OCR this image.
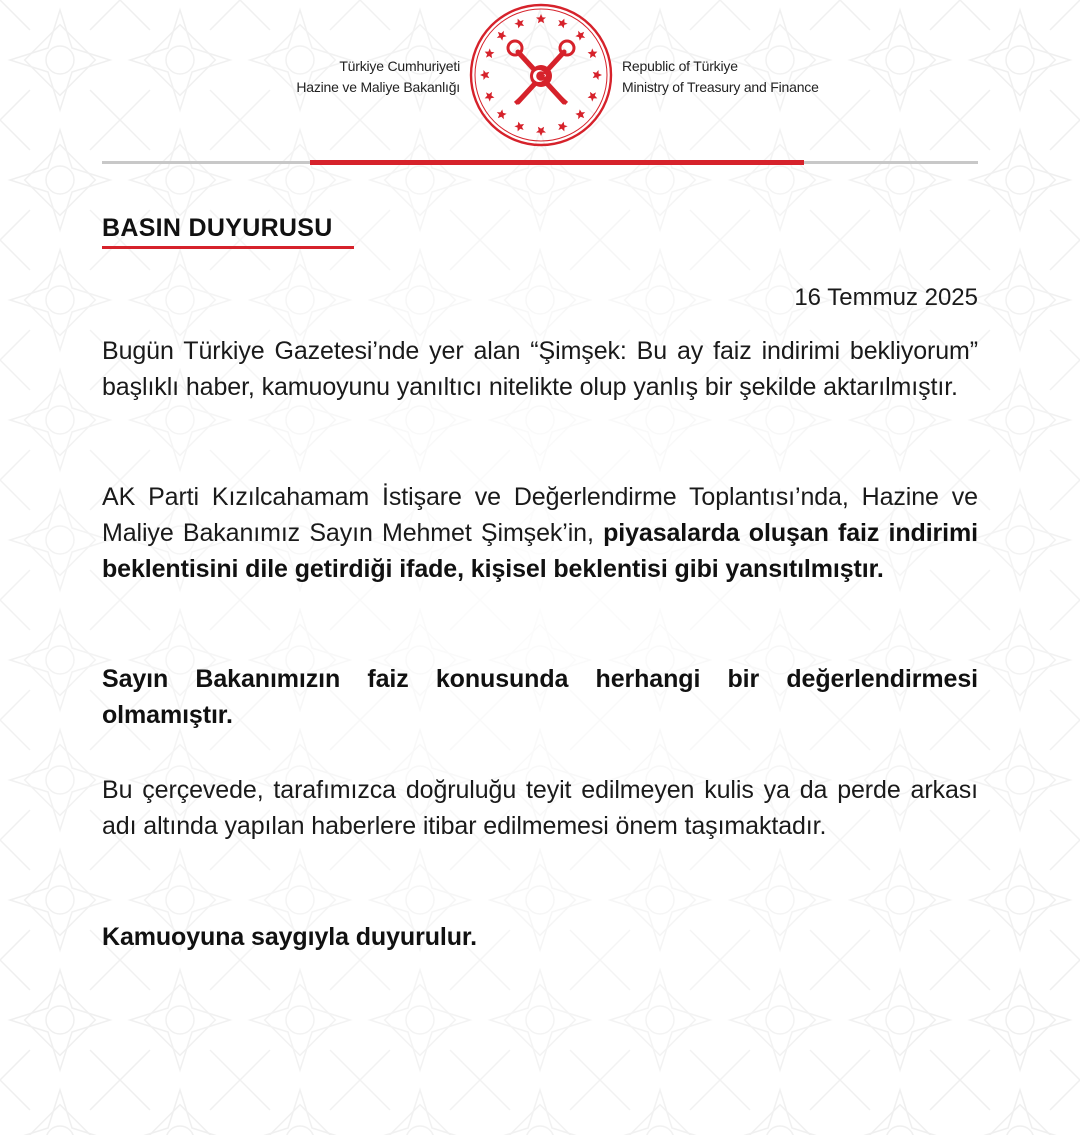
Türkiye Cumhuriyeti
Hazine ve Maliye Bakanlığı
Republic of Türkiye
Ministry of Treasury and Finance
BASIN DUYURUSU
16 Temmuz 2025

Bugün Türkiye Gazetesi’nde yer alan “Şimşek: Bu ay faiz indirimi bekliyorum” başlıklı haber, kamuoyunu yanıltıcı nitelikte olup yanlış bir şekilde aktarılmıştır.

AK Parti Kızılcahamam İstişare ve Değerlendirme Toplantısı’nda, Hazine ve Maliye Bakanımız Sayın Mehmet Şimşek’in, piyasalarda oluşan faiz indirimi beklentisini dile getirdiği ifade, kişisel beklentisi gibi yansıtılmıştır.

Sayın Bakanımızın faiz konusunda herhangi bir değerlendirmesi olmamıştır.

Bu çerçevede, tarafımızca doğruluğu teyit edilmeyen kulis ya da perde arkası adı altında yapılan haberlere itibar edilmemesi önem taşımaktadır.

Kamuoyuna saygıyla duyurulur.
